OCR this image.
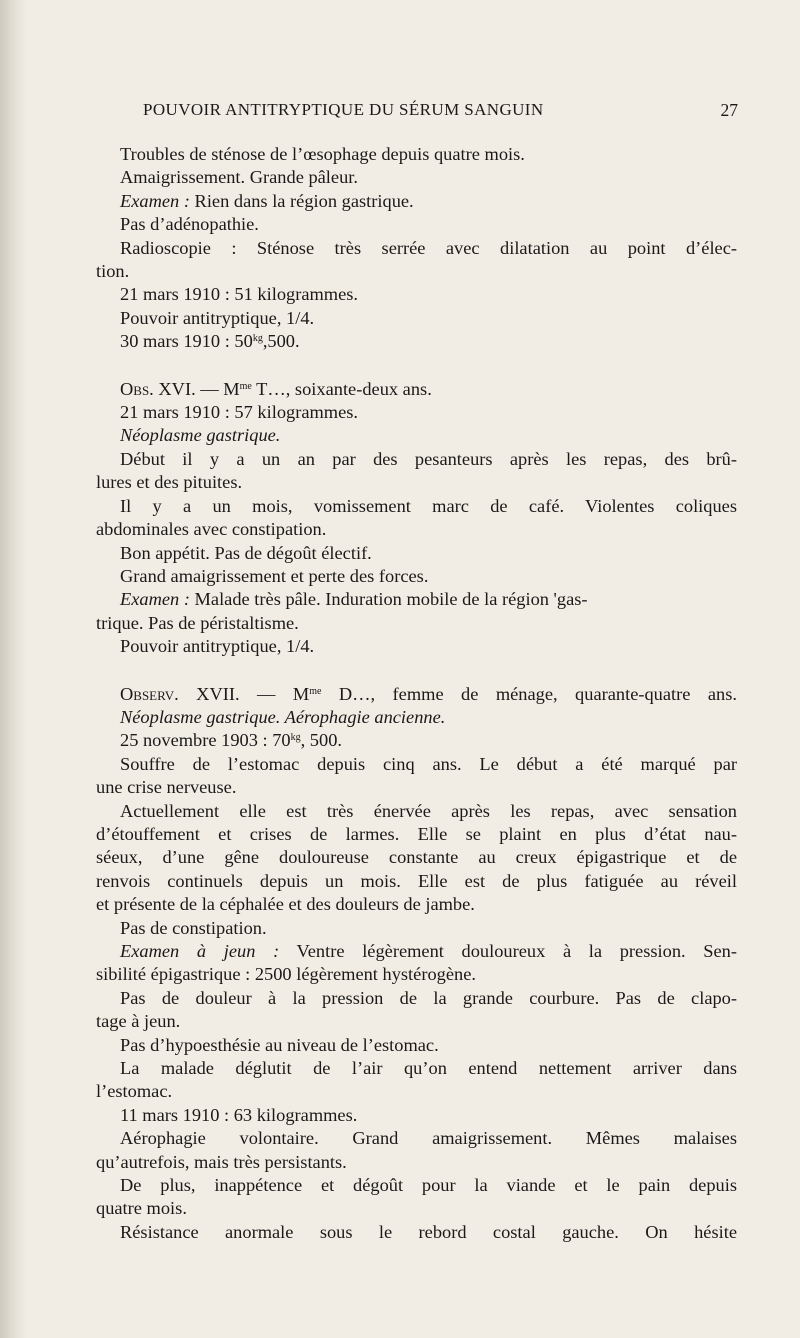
POUVOIR ANTITRYPTIQUE DU SÉRUM SANGUIN	27
Troubles de sténose de l’œsophage depuis quatre mois.
Amaigrissement. Grande pâleur.
Examen : Rien dans la région gastrique.
Pas d’adénopathie.
Radioscopie : Sténose très serrée avec dilatation au point d’élec-
tion.
21 mars 1910 : 51 kilogrammes.
Pouvoir antitryptique, 1/4.
30 mars 1910 : $50^{kg},500$.
Obs. XVI. — $M^{me}$ T…, soixante-deux ans.
21 mars 1910 : 57 kilogrammes.
Néoplasme gastrique.
Début il y a un an par des pesanteurs après les repas, des brû-
lures et des pituites.
Il y a un mois, vomissement marc de café. Violentes coliques
abdominales avec constipation.
Bon appétit. Pas de dégoût électif.
Grand amaigrissement et perte des forces.
Examen : Malade très pâle. Induration mobile de la région 'gas-
trique. Pas de péristaltisme.
Pouvoir antitryptique, 1/4.
Observ. XVII. — $M^{me}$ D…, femme de ménage, quarante-quatre ans.
Néoplasme gastrique. Aérophagie ancienne.
25 novembre 1903 : $70^{kg}$, 500.
Souffre de l’estomac depuis cinq ans. Le début a été marqué par
une crise nerveuse.
Actuellement elle est très énervée après les repas, avec sensation
d’étouffement et crises de larmes. Elle se plaint en plus d’état nau-
séeux, d’une gêne douloureuse constante au creux épigastrique et de
renvois continuels depuis un mois. Elle est de plus fatiguée au réveil
et présente de la céphalée et des douleurs de jambe.
Pas de constipation.
Examen à jeun : Ventre légèrement douloureux à la pression. Sen-
sibilité épigastrique : 2500 légèrement hystérogène.
Pas de douleur à la pression de la grande courbure. Pas de clapo-
tage à jeun.
Pas d’hypoesthésie au niveau de l’estomac.
La malade déglutit de l’air qu’on entend nettement arriver dans
l’estomac.
11 mars 1910 : 63 kilogrammes.
Aérophagie volontaire. Grand amaigrissement. Mêmes malaises
qu’autrefois, mais très persistants.
De plus, inappétence et dégoût pour la viande et le pain depuis
quatre mois.
Résistance anormale sous le rebord costal gauche. On hésite
